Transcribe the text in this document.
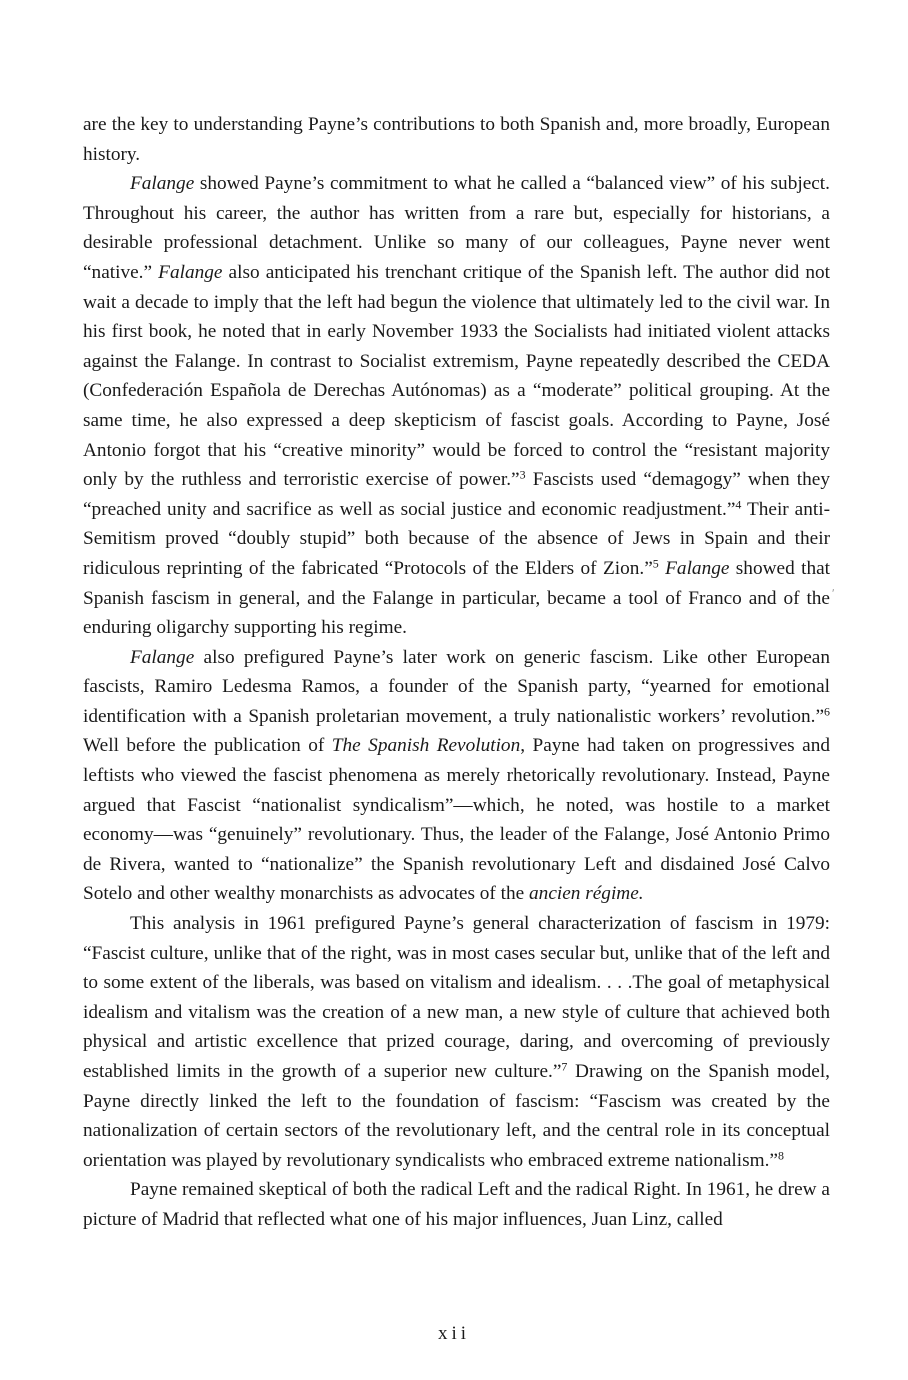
are the key to understanding Payne’s contributions to both Spanish and, more broadly, European history.

Falange showed Payne’s commitment to what he called a “balanced view” of his subject. Throughout his career, the author has written from a rare but, especially for historians, a desirable professional detachment. Unlike so many of our colleagues, Payne never went “native.” Falange also anticipated his trenchant critique of the Spanish left. The author did not wait a decade to imply that the left had begun the violence that ultimately led to the civil war. In his first book, he noted that in early November 1933 the Socialists had initiated violent attacks against the Falange. In contrast to Socialist extremism, Payne repeatedly described the CEDA (Confederación Española de Derechas Autónomas) as a “moderate” political grouping. At the same time, he also expressed a deep skepticism of fascist goals. According to Payne, José Antonio forgot that his “creative minority” would be forced to control the “resistant majority only by the ruthless and terroristic exercise of power.”$^3$ Fascists used “demagogy” when they “preached unity and sacrifice as well as social justice and economic readjustment.”$^4$ Their anti-Semitism proved “doubly stupid” both because of the absence of Jews in Spain and their ridiculous reprinting of the fabricated “Protocols of the Elders of Zion.”$^5$ Falange showed that Spanish fascism in general, and the Falange in particular, became a tool of Franco and of the enduring oligarchy supporting his regime.

Falange also prefigured Payne’s later work on generic fascism. Like other European fascists, Ramiro Ledesma Ramos, a founder of the Spanish party, “yearned for emotional identification with a Spanish proletarian movement, a truly nationalistic workers’ revolution.”$^6$ Well before the publication of The Spanish Revolution, Payne had taken on progressives and leftists who viewed the fascist phenomena as merely rhetorically revolutionary. Instead, Payne argued that Fascist “nationalist syndicalism”—which, he noted, was hostile to a market economy—was “genuinely” revolutionary. Thus, the leader of the Falange, José Antonio Primo de Rivera, wanted to “nationalize” the Spanish revolutionary Left and disdained José Calvo Sotelo and other wealthy monarchists as advocates of the ancien régime.

This analysis in 1961 prefigured Payne’s general characterization of fascism in 1979: “Fascist culture, unlike that of the right, was in most cases secular but, unlike that of the left and to some extent of the liberals, was based on vitalism and idealism. . . .The goal of metaphysical idealism and vitalism was the creation of a new man, a new style of culture that achieved both physical and artistic excellence that prized courage, daring, and overcoming of previously established limits in the growth of a superior new culture.”$^7$ Drawing on the Spanish model, Payne directly linked the left to the foundation of fascism: “Fascism was created by the nationalization of certain sectors of the revolutionary left, and the central role in its conceptual orientation was played by revolutionary syndicalists who embraced extreme nationalism.”$^8$

Payne remained skeptical of both the radical Left and the radical Right. In 1961, he drew a picture of Madrid that reflected what one of his major influences, Juan Linz, called

ʹ
xii
